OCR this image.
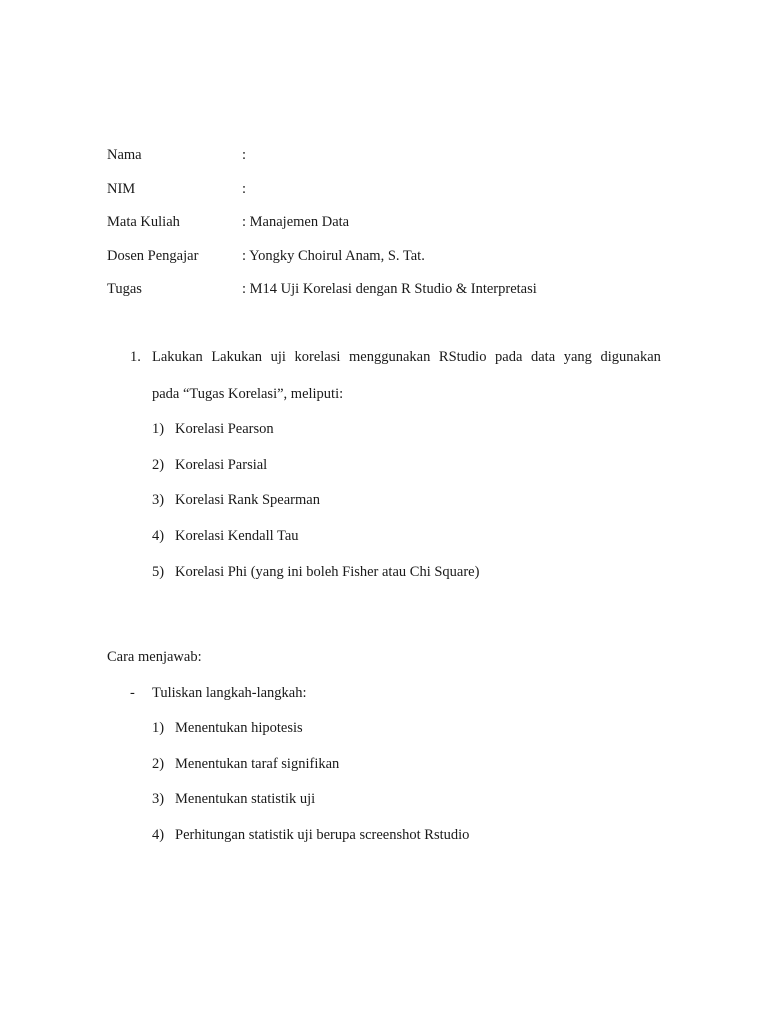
Nama	:
NIM	:
Mata Kuliah	: Manajemen Data
Dosen Pengajar	: Yongky Choirul Anam, S. Tat.
Tugas	: M14 Uji Korelasi dengan R Studio & Interpretasi
1. Lakukan Lakukan uji korelasi menggunakan RStudio pada data yang digunakan
pada “Tugas Korelasi”, meliputi:
1) Korelasi Pearson
2) Korelasi Parsial
3) Korelasi Rank Spearman
4) Korelasi Kendall Tau
5) Korelasi Phi (yang ini boleh Fisher atau Chi Square)
Cara menjawab:
- Tuliskan langkah-langkah:
1) Menentukan hipotesis
2) Menentukan taraf signifikan
3) Menentukan statistik uji
4) Perhitungan statistik uji berupa screenshot Rstudio
